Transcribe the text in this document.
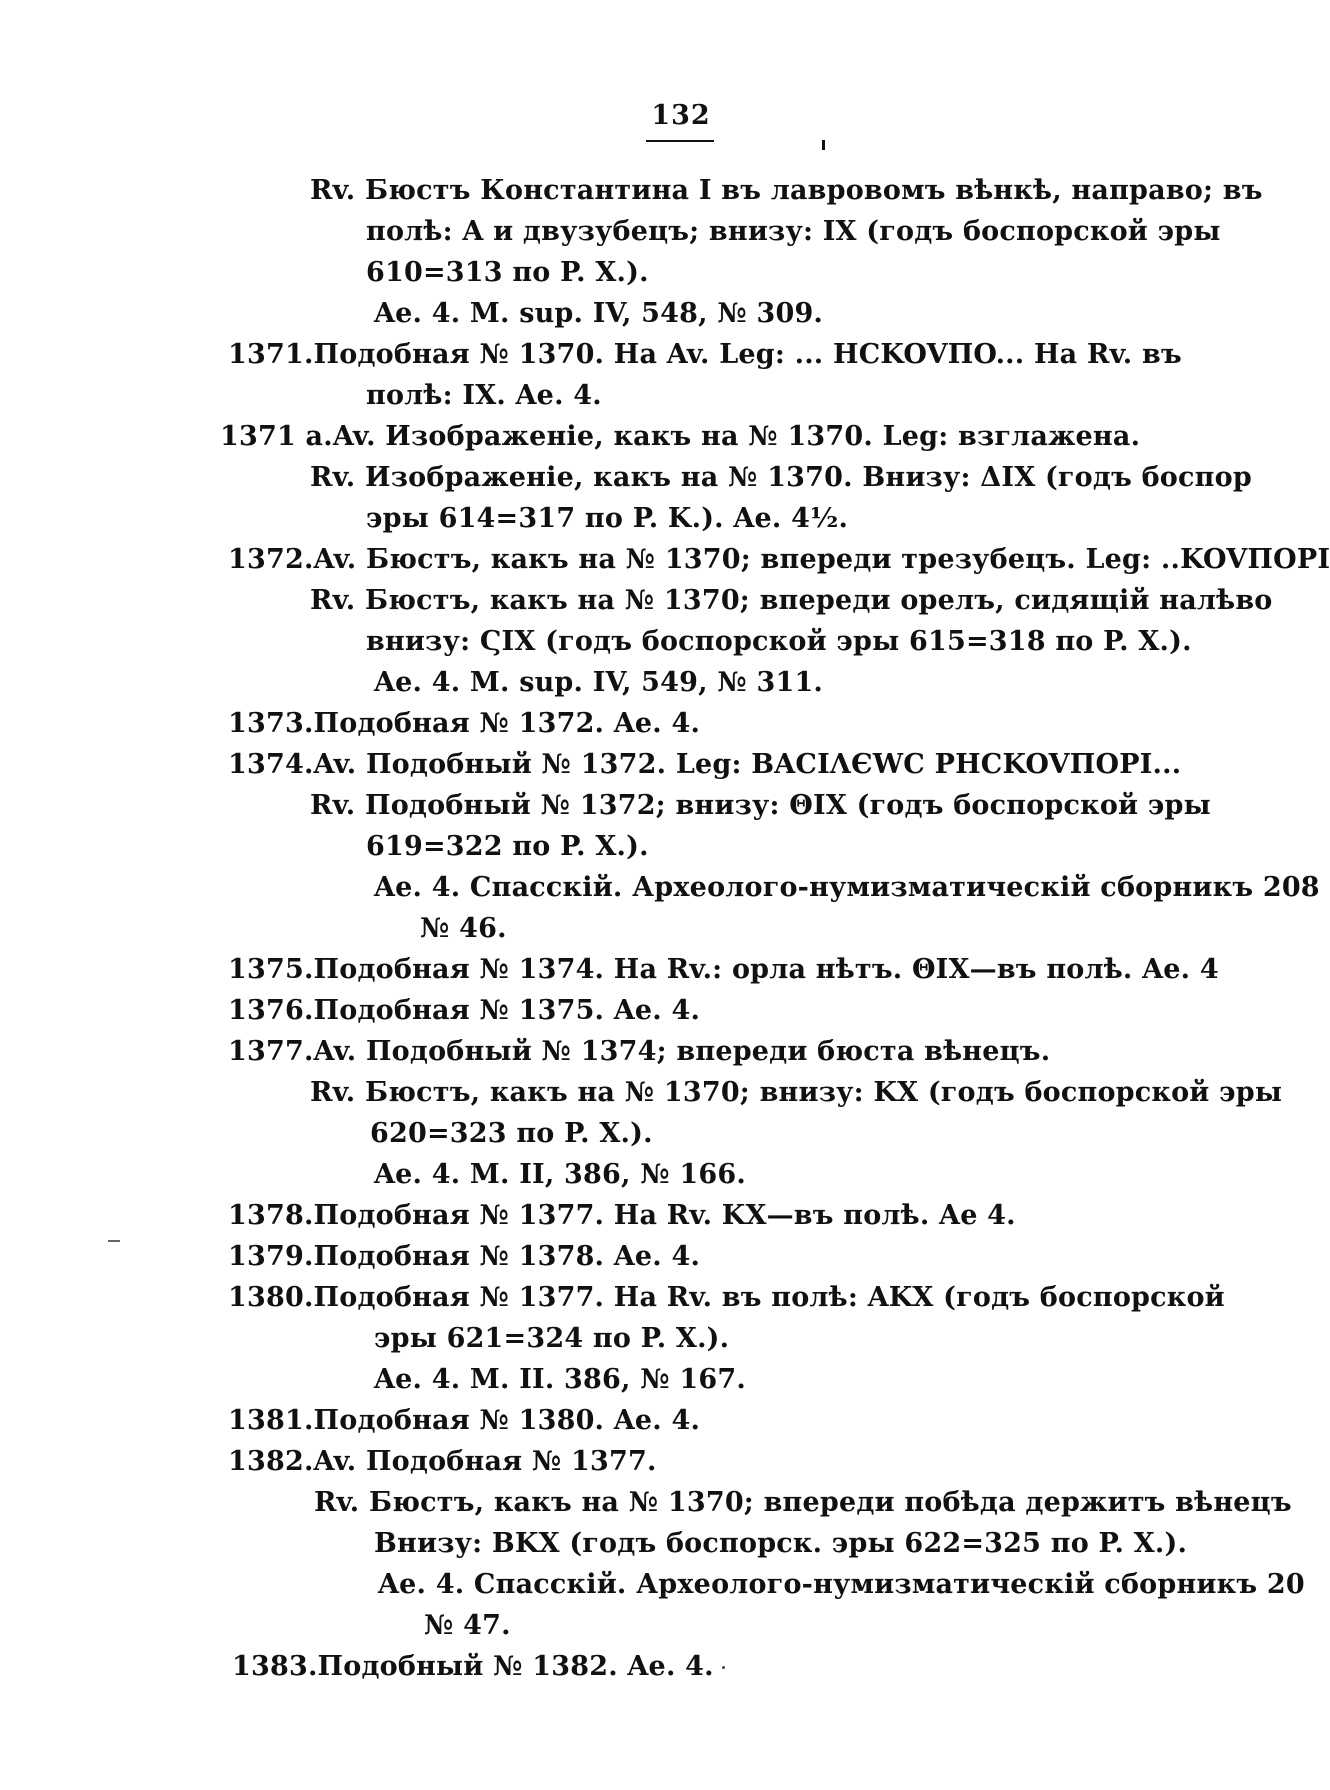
132
Rv. Бюстъ Константина I въ лавровомъ вѣнкѣ, направо; въ
полѣ: A и двузубецъ; внизу: IX (годъ боспорской эры
610=313 по P. X.).
Ae. 4. M. sup. IV, 548, № 309.
1371.Подобная № 1370. На Av. Leg: ... HCKOVПO... На Rv. въ
полѣ: IX. Ae. 4.
1371 a.Av. Изображеніе, какъ на № 1370. Leg: взглажена.
Rv. Изображеніе, какъ на № 1370. Внизу: ΔIX (годъ боспор
эры 614=317 по P. K.). Ae. 4½.
1372.Av. Бюстъ, какъ на № 1370; впереди трезубецъ. Leg: ..KOVПOPI
Rv. Бюстъ, какъ на № 1370; впереди орелъ, сидящій налѣво
внизу: ϚIX (годъ боспорской эры 615=318 по P. X.).
Ae. 4. M. sup. IV, 549, № 311.
1373.Подобная № 1372. Ae. 4.
1374.Av. Подобный № 1372. Leg: BACIΛЄWC PHCKOVПOPI...
Rv. Подобный № 1372; внизу: ΘIX (годъ боспорской эры
619=322 по P. X.).
Ae. 4. Спасскій. Археолого-нумизматическій сборникъ 208
№ 46.
1375.Подобная № 1374. На Rv.: орла нѣтъ. ΘIX—въ полѣ. Ae. 4
1376.Подобная № 1375. Ae. 4.
1377.Av. Подобный № 1374; впереди бюста вѣнецъ.
Rv. Бюстъ, какъ на № 1370; внизу: KX (годъ боспорской эры
620=323 по P. X.).
Ae. 4. M. II, 386, № 166.
1378.Подобная № 1377. На Rv. KX—въ полѣ. Ae 4.
1379.Подобная № 1378. Ae. 4.
1380.Подобная № 1377. На Rv. въ полѣ: AKX (годъ боспорской
эры 621=324 по P. X.).
Ae. 4. M. II. 386, № 167.
1381.Подобная № 1380. Ae. 4.
1382.Av. Подобная № 1377.
Rv. Бюстъ, какъ на № 1370; впереди побѣда держитъ вѣнецъ
Внизу: BKX (годъ боспорск. эры 622=325 по P. X.).
Ae. 4. Спасскій. Археолого-нумизматическій сборникъ 20
№ 47.
1383.Подобный № 1382. Ae. 4.
